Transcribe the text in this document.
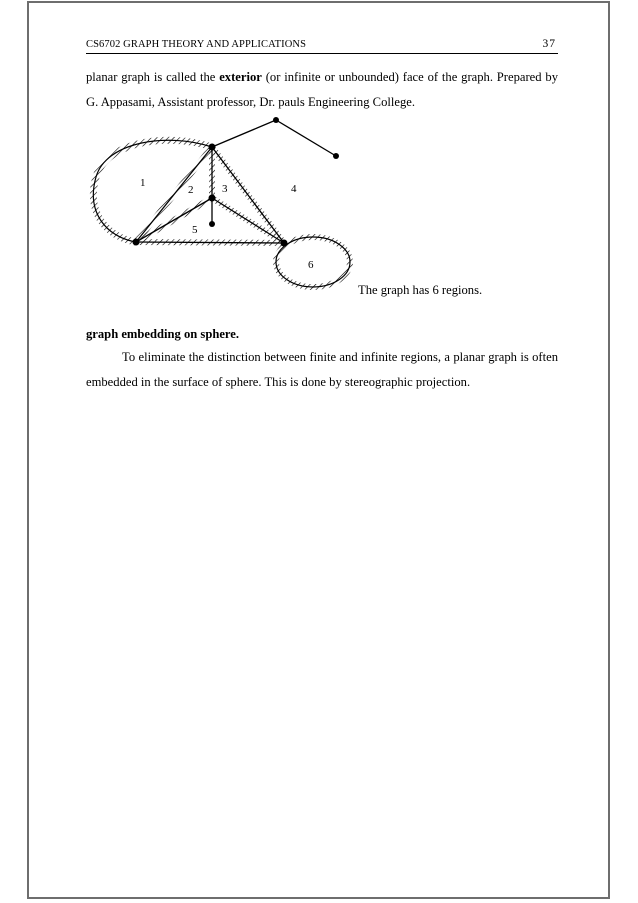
CS6702 GRAPH THEORY AND APPLICATIONS	37

planar graph is called the exterior (or infinite or unbounded) face of the graph. Prepared by G. Appasami, Assistant professor, Dr. pauls Engineering College.

1
2	3	4
5
6
The graph has 6 regions.

graph embedding on sphere.

To eliminate the distinction between finite and infinite regions, a planar graph is often embedded in the surface of sphere. This is done by stereographic projection.
